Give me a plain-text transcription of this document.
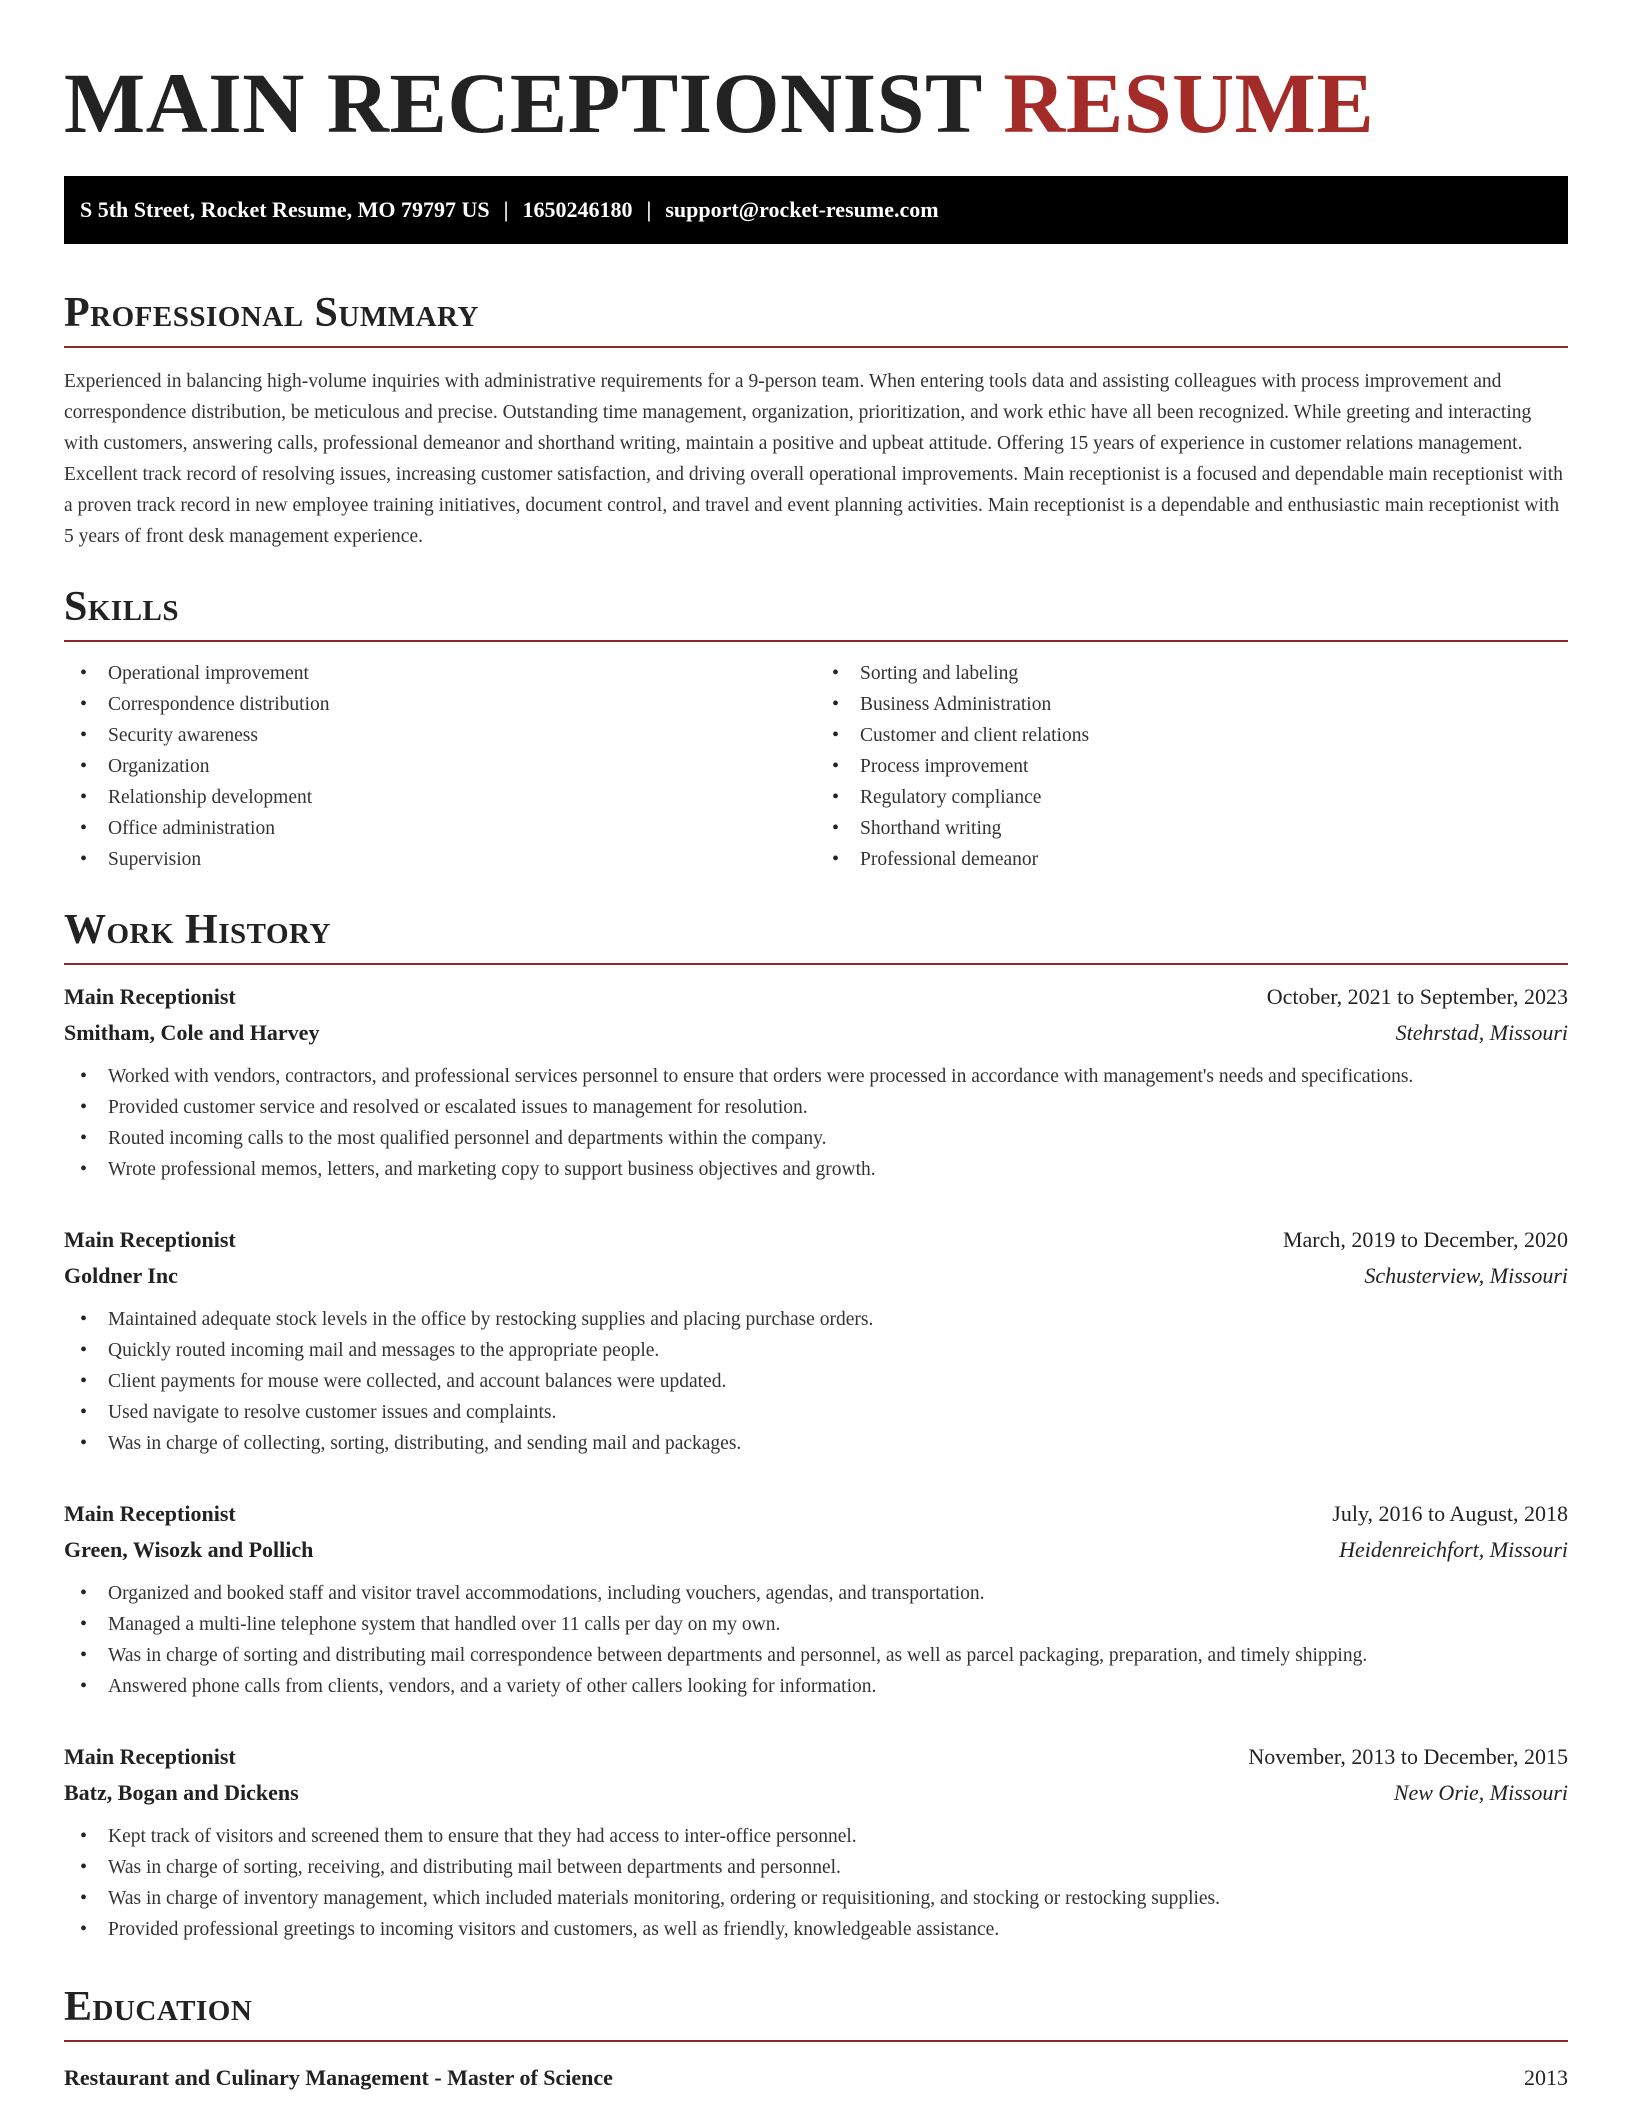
MAIN RECEPTIONIST RESUME
S 5th Street, Rocket Resume, MO 79797 US | 1650246180 | support@rocket-resume.com
Professional Summary

Experienced in balancing high-volume inquiries with administrative requirements for a 9-person team. When entering tools data and assisting colleagues with process improvement and correspondence distribution, be meticulous and precise. Outstanding time management, organization, prioritization, and work ethic have all been recognized. While greeting and interacting with customers, answering calls, professional demeanor and shorthand writing, maintain a positive and upbeat attitude. Offering 15 years of experience in customer relations management. Excellent track record of resolving issues, increasing customer satisfaction, and driving overall operational improvements. Main receptionist is a focused and dependable main receptionist with a proven track record in new employee training initiatives, document control, and travel and event planning activities. Main receptionist is a dependable and enthusiastic main receptionist with 5 years of front desk management experience.

Skills
• Operational improvement
• Correspondence distribution
• Security awareness
• Organization
• Relationship development
• Office administration
• Supervision
• Sorting and labeling
• Business Administration
• Customer and client relations
• Process improvement
• Regulatory compliance
• Shorthand writing
• Professional demeanor
Work History
Main Receptionist	October, 2021 to September, 2023
Smitham, Cole and Harvey	Stehrstad, Missouri
• Worked with vendors, contractors, and professional services personnel to ensure that orders were processed in accordance with management's needs and specifications.
• Provided customer service and resolved or escalated issues to management for resolution.
• Routed incoming calls to the most qualified personnel and departments within the company.
• Wrote professional memos, letters, and marketing copy to support business objectives and growth.
Main Receptionist	March, 2019 to December, 2020
Goldner Inc	Schusterview, Missouri
• Maintained adequate stock levels in the office by restocking supplies and placing purchase orders.
• Quickly routed incoming mail and messages to the appropriate people.
• Client payments for mouse were collected, and account balances were updated.
• Used navigate to resolve customer issues and complaints.
• Was in charge of collecting, sorting, distributing, and sending mail and packages.
Main Receptionist	July, 2016 to August, 2018
Green, Wisozk and Pollich	Heidenreichfort, Missouri
• Organized and booked staff and visitor travel accommodations, including vouchers, agendas, and transportation.
• Managed a multi-line telephone system that handled over 11 calls per day on my own.
• Was in charge of sorting and distributing mail correspondence between departments and personnel, as well as parcel packaging, preparation, and timely shipping.
• Answered phone calls from clients, vendors, and a variety of other callers looking for information.
Main Receptionist	November, 2013 to December, 2015
Batz, Bogan and Dickens	New Orie, Missouri
• Kept track of visitors and screened them to ensure that they had access to inter-office personnel.
• Was in charge of sorting, receiving, and distributing mail between departments and personnel.
• Was in charge of inventory management, which included materials monitoring, ordering or requisitioning, and stocking or restocking supplies.
• Provided professional greetings to incoming visitors and customers, as well as friendly, knowledgeable assistance.
Education
Restaurant and Culinary Management - Master of Science	2013
